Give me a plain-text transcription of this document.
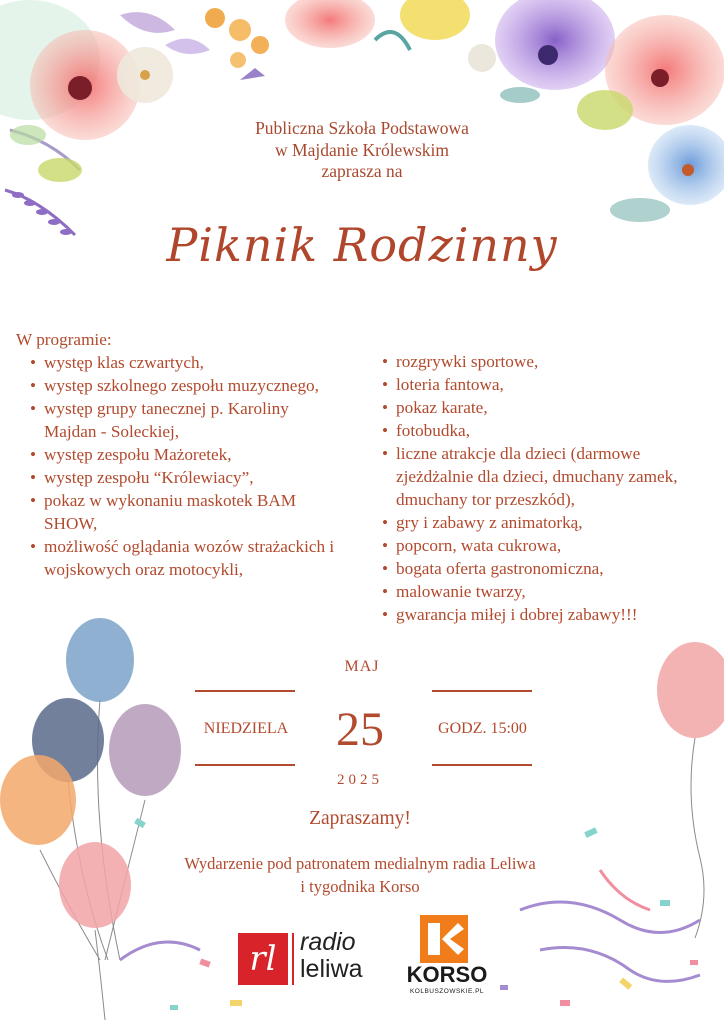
Publiczna Szkoła Podstawowa
w Majdanie Królewskim
zaprasza na
Piknik Rodzinny
W programie:
• występ klas czwartych,
• występ szkolnego zespołu muzycznego,
• występ grupy tanecznej p. Karoliny Majdan - Soleckiej,
• występ zespołu Mażoretek,
• występ zespołu “Królewiacy”,
• pokaz w wykonaniu maskotek BAM SHOW,
• możliwość oglądania wozów strażackich i wojskowych oraz motocykli,
• rozgrywki sportowe,
• loteria fantowa,
• pokaz karate,
• fotobudka,
• liczne atrakcje dla dzieci (darmowe zjeżdżalnie dla dzieci, dmuchany zamek, dmuchany tor przeszkód),
• gry i zabawy z animatorką,
• popcorn, wata cukrowa,
• bogata oferta gastronomiczna,
• malowanie twarzy,
• gwarancja miłej i dobrej zabawy!!!
MAJ
NIEDZIELA 25	GODZ. 15:00
2025
Zapraszamy!
Wydarzenie pod patronatem medialnym radia Leliwa
i tygodnika Korso
rl radio
leliwa KORSO
KOLBUSZOWSKIE.PL
